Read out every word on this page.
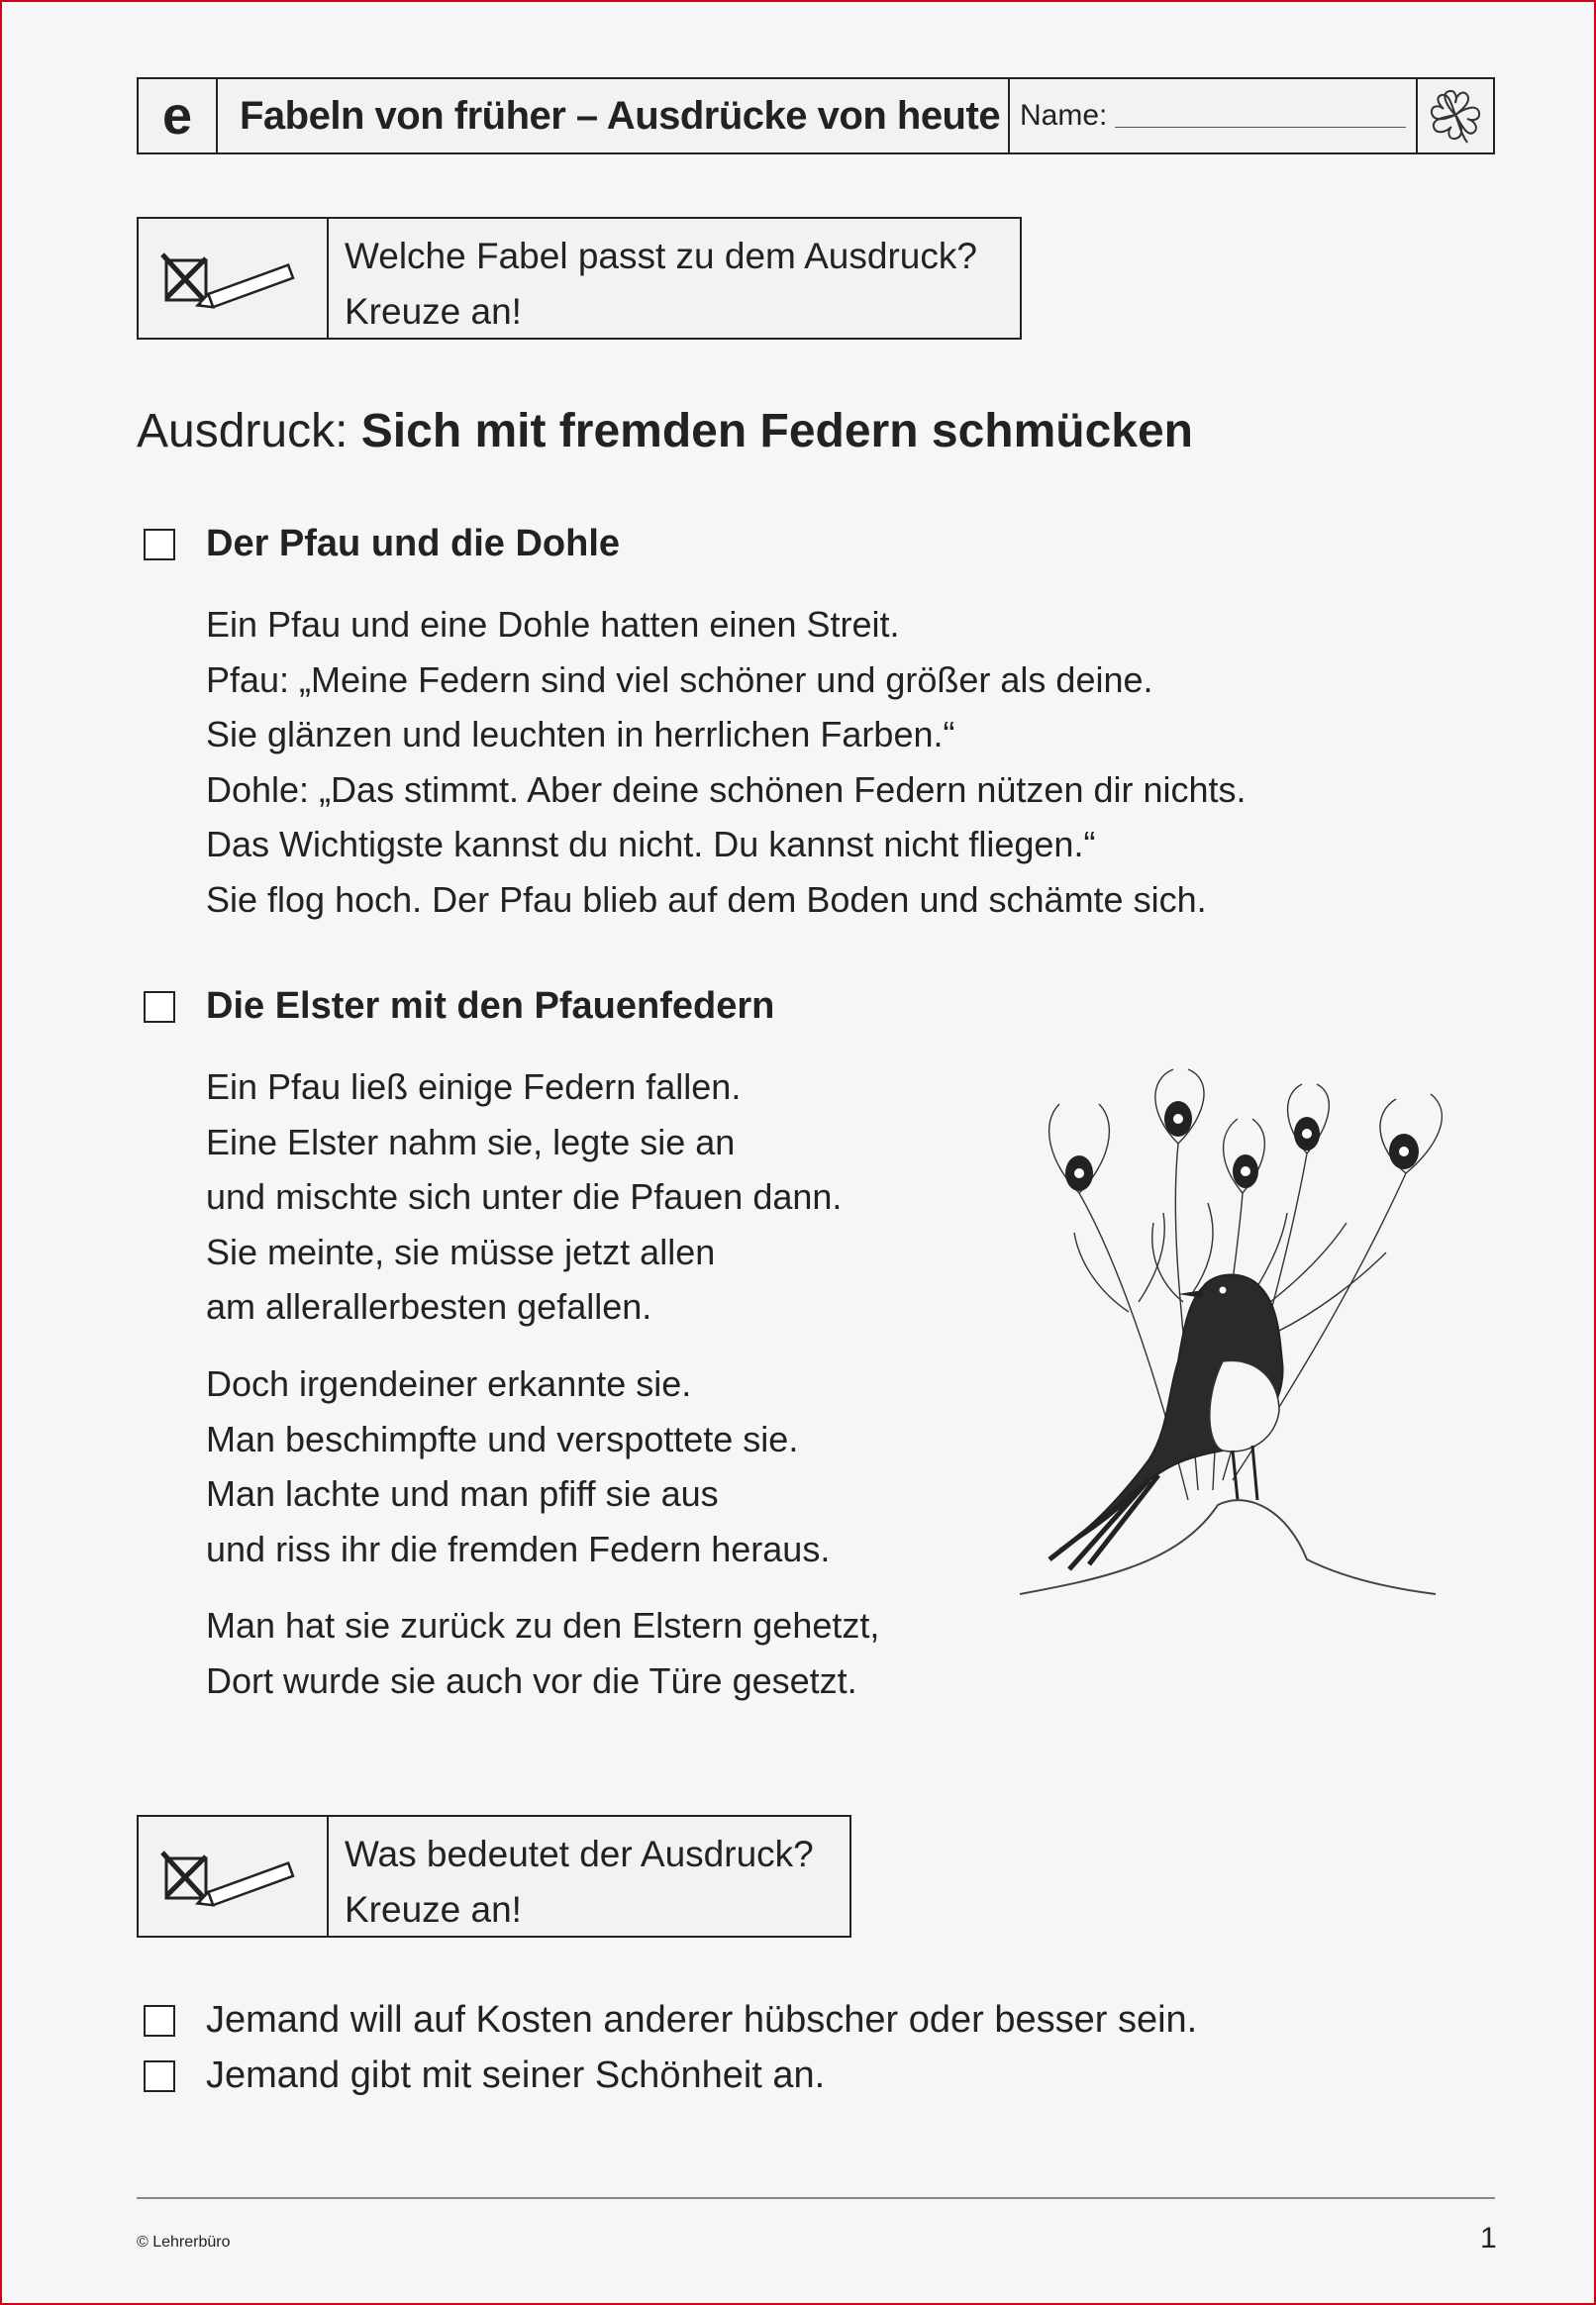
e	Fabeln von früher – Ausdrücke von heute Name:
Welche Fabel passt zu dem Ausdruck?
Kreuze an!
Ausdruck: Sich mit fremden Federn schmücken
Der Pfau und die Dohle
Ein Pfau und eine Dohle hatten einen Streit.
Pfau: „Meine Federn sind viel schöner und größer als deine.
Sie glänzen und leuchten in herrlichen Farben.“
Dohle: „Das stimmt. Aber deine schönen Federn nützen dir nichts.
Das Wichtigste kannst du nicht. Du kannst nicht fliegen.“
Sie flog hoch. Der Pfau blieb auf dem Boden und schämte sich.
Die Elster mit den Pfauenfedern
Ein Pfau ließ einige Federn fallen.
Eine Elster nahm sie, legte sie an
und mischte sich unter die Pfauen dann.
Sie meinte, sie müsse jetzt allen
am allerallerbesten gefallen.
Doch irgendeiner erkannte sie.
Man beschimpfte und verspottete sie.
Man lachte und man pfiff sie aus
und riss ihr die fremden Federn heraus.
Man hat sie zurück zu den Elstern gehetzt,
Dort wurde sie auch vor die Türe gesetzt.
Was bedeutet der Ausdruck?
Kreuze an!
Jemand will auf Kosten anderer hübscher oder besser sein.
Jemand gibt mit seiner Schönheit an.
© Lehrerbüro	1
